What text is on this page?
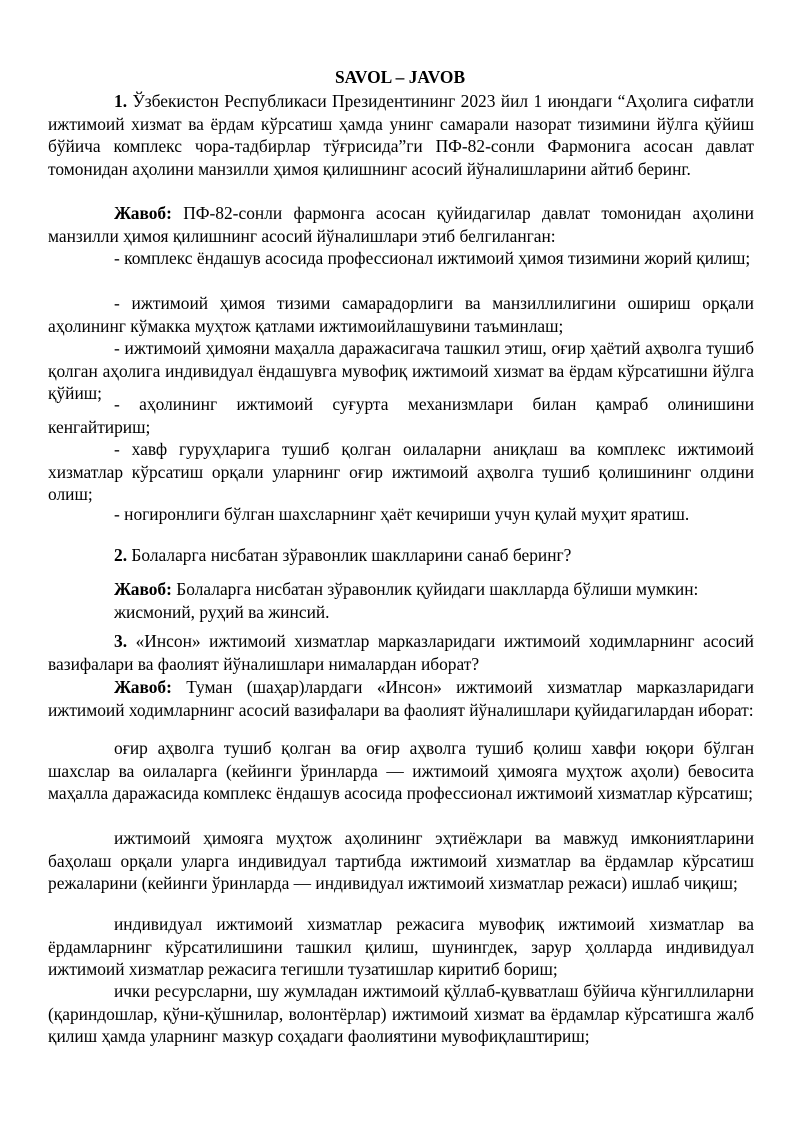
SAVOL – JAVOB
1. Ўзбекистон Республикаси Президентининг 2023 йил 1 июндаги “Аҳолига сифатли ижтимоий хизмат ва ёрдам кўрсатиш ҳамда унинг самарали назорат тизимини йўлга қўйиш бўйича комплекс чора-тадбирлар тўғрисида”ги ПФ-82-сонли Фармонига асосан давлат томонидан аҳолини манзилли ҳимоя қилишнинг асосий йўналишларини айтиб беринг.
Жавоб: ПФ-82-сонли фармонга асосан қуйидагилар давлат томонидан аҳолини манзилли ҳимоя қилишнинг асосий йўналишлари этиб белгиланган:
- комплекс ёндашув асосида профессионал ижтимоий ҳимоя тизимини жорий қилиш;
- ижтимоий ҳимоя тизими самарадорлиги ва манзиллилигини ошириш орқали аҳолининг кўмакка муҳтож қатлами ижтимоийлашувини таъминлаш;
- ижтимоий ҳимояни маҳалла даражасигача ташкил этиш, оғир ҳаётий аҳволга тушиб қолган аҳолига индивидуал ёндашувга мувофиқ ижтимоий хизмат ва ёрдам кўрсатишни йўлга қўйиш;
- аҳолининг ижтимоий суғурта механизмлари билан қамраб олинишини кенгайтириш;
- хавф гуруҳларига тушиб қолган оилаларни аниқлаш ва комплекс ижтимоий хизматлар кўрсатиш орқали уларнинг оғир ижтимоий аҳволга тушиб қолишининг олдини олиш;
- ногиронлиги бўлган шахсларнинг ҳаёт кечириши учун қулай муҳит яратиш.
2. Болаларга нисбатан зўравонлик шаклларини санаб беринг?
Жавоб: Болаларга нисбатан зўравонлик қуйидаги шаклларда бўлиши мумкин: жисмоний, руҳий ва жинсий.
3. «Инсон» ижтимоий хизматлар марказларидаги ижтимоий ходимларнинг асосий вазифалари ва фаолият йўналишлари нималардан иборат?
Жавоб: Туман (шаҳар)лардаги «Инсон» ижтимоий хизматлар марказларидаги ижтимоий ходимларнинг асосий вазифалари ва фаолият йўналишлари қуйидагилардан иборат:
оғир аҳволга тушиб қолган ва оғир аҳволга тушиб қолиш хавфи юқори бўлган шахслар ва оилаларга (кейинги ўринларда — ижтимоий ҳимояга муҳтож аҳоли) бевосита маҳалла даражасида комплекс ёндашув асосида профессионал ижтимоий хизматлар кўрсатиш;
ижтимоий ҳимояга муҳтож аҳолининг эҳтиёжлари ва мавжуд имкониятларини баҳолаш орқали уларга индивидуал тартибда ижтимоий хизматлар ва ёрдамлар кўрсатиш режаларини (кейинги ўринларда — индивидуал ижтимоий хизматлар режаси) ишлаб чиқиш;
индивидуал ижтимоий хизматлар режасига мувофиқ ижтимоий хизматлар ва ёрдамларнинг кўрсатилишини ташкил қилиш, шунингдек, зарур ҳолларда индивидуал ижтимоий хизматлар режасига тегишли тузатишлар киритиб бориш;
ички ресурсларни, шу жумладан ижтимоий қўллаб-қувватлаш бўйича кўнгиллиларни (қариндошлар, қўни-қўшнилар, волонтёрлар) ижтимоий хизмат ва ёрдамлар кўрсатишга жалб қилиш ҳамда уларнинг мазкур соҳадаги фаолиятини мувофиқлаштириш;
